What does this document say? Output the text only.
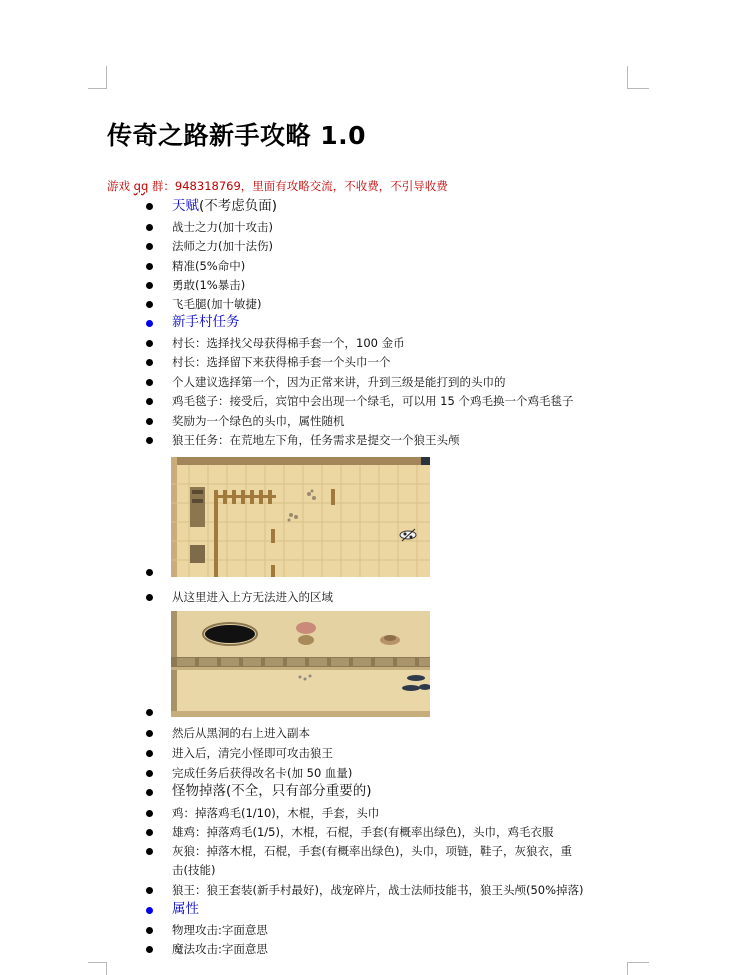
传奇之路新手攻略 1.0
游戏 qq 群：948318769，里面有攻略交流，不收费，不引导收费
天赋(不考虑负面)
战士之力(加十攻击)
法师之力(加十法伤)
精准(5%命中)
勇敢(1%暴击)
飞毛腿(加十敏捷)
新手村任务
村长：选择找父母获得棉手套一个，100 金币
村长：选择留下来获得棉手套一个头巾一个
个人建议选择第一个，因为正常来讲，升到三级是能打到的头巾的
鸡毛毯子：接受后，宾馆中会出现一个绿毛，可以用 15 个鸡毛换一个鸡毛毯子
奖励为一个绿色的头巾，属性随机
狼王任务：在荒地左下角，任务需求是提交一个狼王头颅
从这里进入上方无法进入的区域
然后从黑洞的右上进入副本
进入后，清完小怪即可攻击狼王
完成任务后获得改名卡(加 50 血量)
怪物掉落(不全，只有部分重要的)
鸡：掉落鸡毛(1/10)，木棍，手套，头巾
雄鸡：掉落鸡毛(1/5)，木棍，石棍，手套(有概率出绿色)，头巾，鸡毛衣服
灰狼：掉落木棍，石棍，手套(有概率出绿色)，头巾，项链，鞋子，灰狼衣，重
击(技能)
狼王：狼王套装(新手村最好)，战宠碎片，战士法师技能书，狼王头颅(50%掉落)
属性
物理攻击:字面意思
魔法攻击:字面意思
